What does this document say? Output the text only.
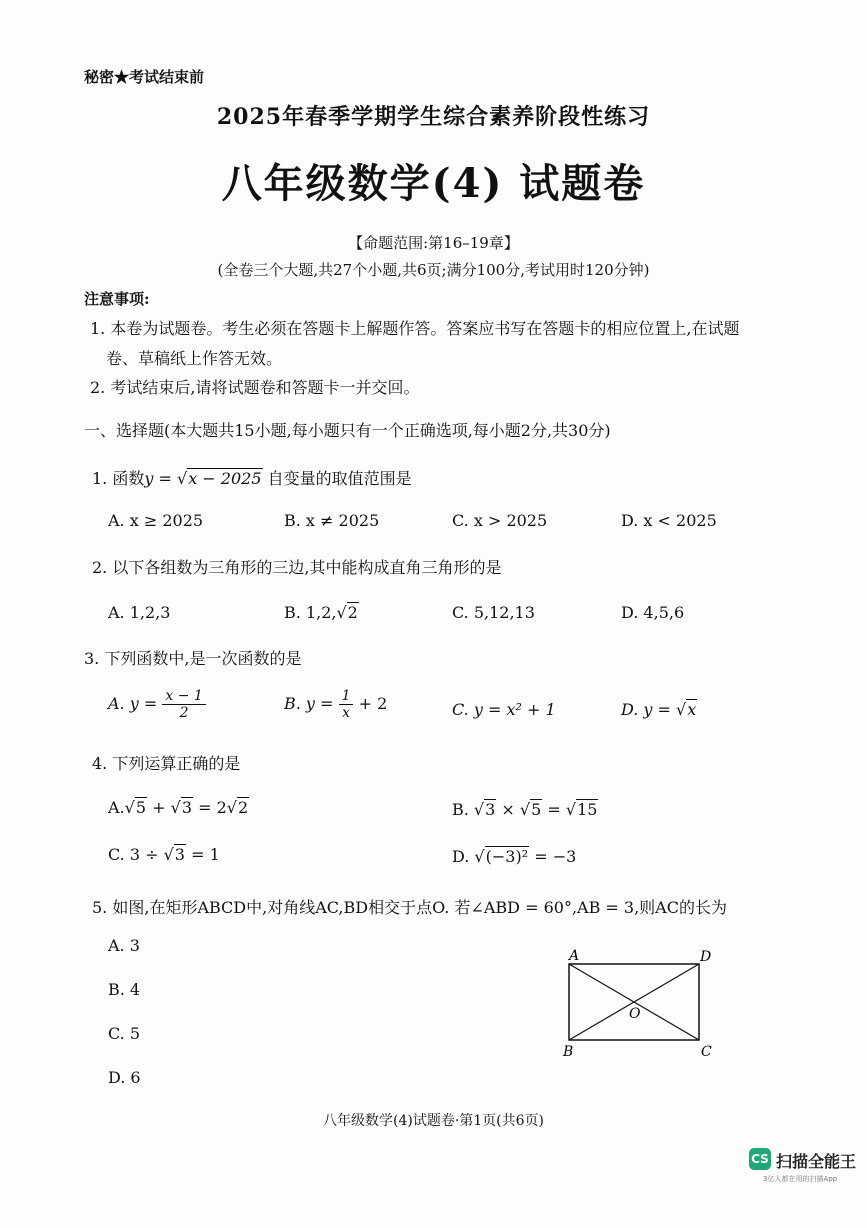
秘密★考试结束前
2025年春季学期学生综合素养阶段性练习
八年级数学(4) 试题卷
【命题范围:第16–19章】
(全卷三个大题,共27个小题,共6页;满分100分,考试用时120分钟)
注意事项:
1. 本卷为试题卷。考生必须在答题卡上解题作答。答案应书写在答题卡的相应位置上,在试题
卷、草稿纸上作答无效。
2. 考试结束后,请将试题卷和答题卡一并交回。
一、选择题(本大题共15小题,每小题只有一个正确选项,每小题2分,共30分)
1. 函数y = √x − 2025 自变量的取值范围是
A. x ≥ 2025	B. x ≠ 2025	C. x > 2025	D. x < 2025
2. 以下各组数为三角形的三边,其中能构成直角三角形的是
A. 1,2,3	B. 1,2,√2	C. 5,12,13	D. 4,5,6
3. 下列函数中,是一次函数的是
A. $y = \frac{x - 1}{2}$	B. $y = \frac{1}{x} + 2$	C. y = x² + 1	D. y = √x
4. 下列运算正确的是
A.√5 + √3 = 2√2	B. √3 × √5 = √15
C. 3 ÷ √3 = 1	D. √(−3)² = −3
5. 如图,在矩形ABCD中,对角线AC,BD相交于点O. 若∠ABD = 60°,AB = 3,则AC的长为
A. 3
B. 4
C. 5
D. 6
A	D
B	C
O
八年级数学(4)试题卷·第1页(共6页)
CS 扫描全能王
3亿人都在用的扫描App
